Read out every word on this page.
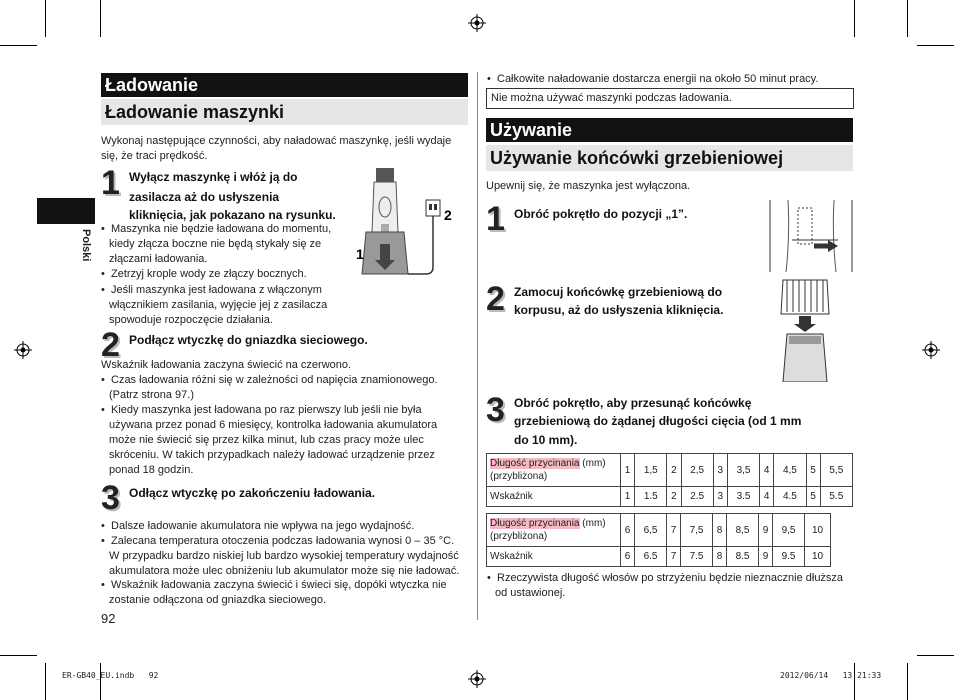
Polski
Ładowanie
Ładowanie maszynki
Wykonaj następujące czynności, aby naładować maszynkę, jeśli wydaje się, że traci prędkość.
1 Wyłącz maszynkę i włóż ją do
zasilacza aż do usłyszenia
kliknięcia, jak pokazano na rysunku.
• Maszynka nie będzie ładowana do momentu,
kiedy złącza boczne nie będą stykały się ze
złączami ładowania.
• Zetrzyj krople wody ze złączy bocznych.
• Jeśli maszynka jest ładowana z włączonym
włącznikiem zasilania, wyjęcie jej z zasilacza
spowoduje rozpoczęcie działania.
1
2
2 Podłącz wtyczkę do gniazdka sieciowego.
Wskaźnik ładowania zaczyna świecić na czerwono.
• Czas ładowania różni się w zależności od napięcia znamionowego.
(Patrz strona 97.)
• Kiedy maszynka jest ładowana po raz pierwszy lub jeśli nie była
używana przez ponad 6 miesięcy, kontrolka ładowania akumulatora
może nie świecić się przez kilka minut, lub czas pracy może ulec
skróceniu. W takich przypadkach należy ładować urządzenie przez
ponad 18 godzin.
3 Odłącz wtyczkę po zakończeniu ładowania.
• Dalsze ładowanie akumulatora nie wpływa na jego wydajność.
• Zalecana temperatura otoczenia podczas ładowania wynosi 0 – 35 °C.
W przypadku bardzo niskiej lub bardzo wysokiej temperatury wydajność
akumulatora może ulec obniżeniu lub akumulator może się nie ładować.
• Wskaźnik ładowania zaczyna świecić i świeci się, dopóki wtyczka nie
zostanie odłączona od gniazdka sieciowego.
92
• Całkowite naładowanie dostarcza energii na około 50 minut pracy.
Nie można używać maszynki podczas ładowania.
Używanie
Używanie końcówki grzebieniowej
Upewnij się, że maszynka jest wyłączona.
1 Obróć pokrętło do pozycji „1”.
2 Zamocuj końcówkę grzebieniową do
korpusu, aż do usłyszenia kliknięcia.
3 Obróć pokrętło, aby przesunąć końcówkę
grzebieniową do żądanej długości cięcia (od 1 mm
do 10 mm).
Długość przycinania (mm)
(przybliżona)	1	1,5	2	2,5	3	3,5	4	4,5	5	5,5
Wskaźnik	1	1.5	2	2.5	3	3.5	4	4.5	5	5.5
Długość przycinania (mm)
(przybliżona)	6	6,5	7	7,5	8	8,5	9	9,5	10
Wskaźnik	6	6.5	7	7.5	8	8.5	9	9.5	10
• Rzeczywista długość włosów po strzyżeniu będzie nieznacznie dłuższa
od ustawionej.
ER-GB40_EU.indb   92	2012/06/14   13:21:33
